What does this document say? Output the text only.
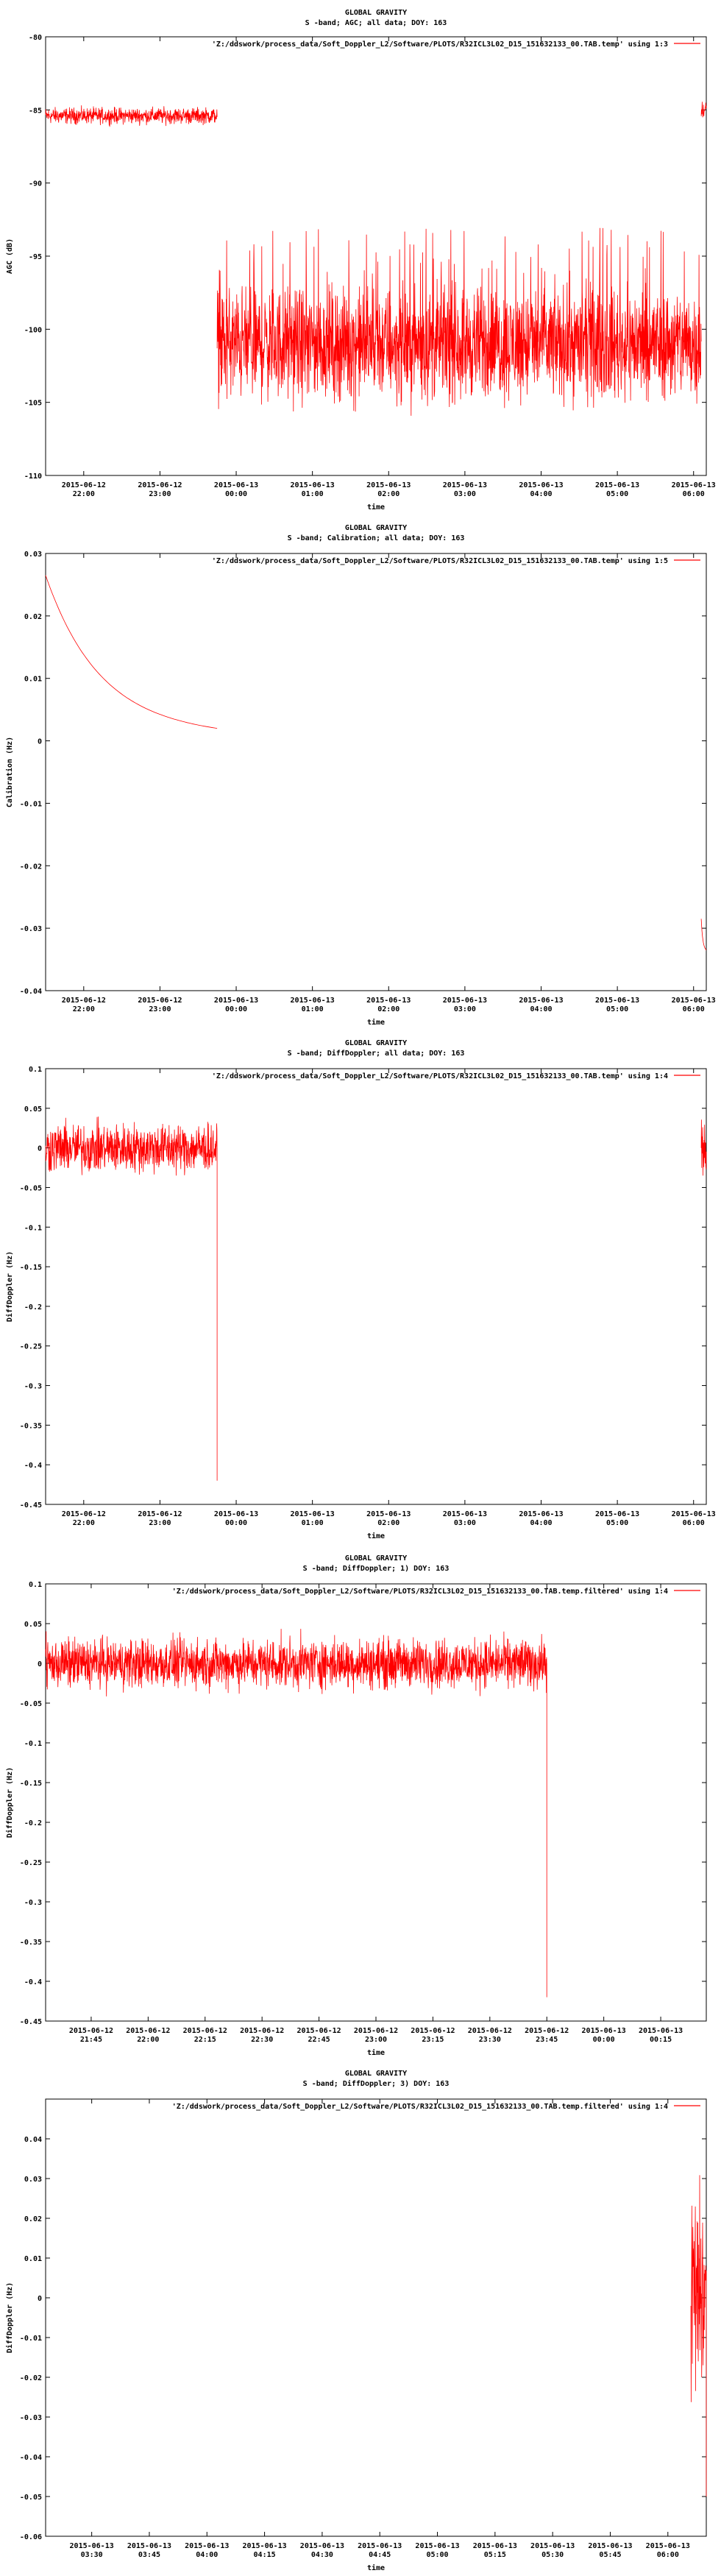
GLOBAL GRAVITY
S -band; AGC; all data; DOY: 163
-80
-85
-90
-95
-100
-105
-110
2015-06-12
22:00
2015-06-12
23:00
2015-06-13
00:00
2015-06-13
01:00
2015-06-13
02:00
2015-06-13
03:00
2015-06-13
04:00
2015-06-13
05:00
2015-06-13
06:00
time
AGC (dB)
'Z:/ddswork/process_data/Soft_Doppler_L2/Software/PLOTS/R32ICL3L02_D15_151632133_00.TAB.temp' using 1:3
GLOBAL GRAVITY
S -band; Calibration; all data; DOY: 163
0.03
0.02
0.01
0
-0.01
-0.02
-0.03
-0.04
2015-06-12
22:00
2015-06-12
23:00
2015-06-13
00:00
2015-06-13
01:00
2015-06-13
02:00
2015-06-13
03:00
2015-06-13
04:00
2015-06-13
05:00
2015-06-13
06:00
time
Calibration (Hz)
'Z:/ddswork/process_data/Soft_Doppler_L2/Software/PLOTS/R32ICL3L02_D15_151632133_00.TAB.temp' using 1:5
GLOBAL GRAVITY
S -band; DiffDoppler; all data; DOY: 163
0.1
0.05
0
-0.05
-0.1
-0.15
-0.2
-0.25
-0.3
-0.35
-0.4
-0.45
2015-06-12
22:00
2015-06-12
23:00
2015-06-13
00:00
2015-06-13
01:00
2015-06-13
02:00
2015-06-13
03:00
2015-06-13
04:00
2015-06-13
05:00
2015-06-13
06:00
time
DiffDoppler (Hz)
'Z:/ddswork/process_data/Soft_Doppler_L2/Software/PLOTS/R32ICL3L02_D15_151632133_00.TAB.temp' using 1:4
GLOBAL GRAVITY
S -band; DiffDoppler; 1) DOY: 163
0.1
0.05
0
-0.05
-0.1
-0.15
-0.2
-0.25
-0.3
-0.35
-0.4
-0.45
2015-06-12
21:45
2015-06-12
22:00
2015-06-12
22:15
2015-06-12
22:30
2015-06-12
22:45
2015-06-12
23:00
2015-06-12
23:15
2015-06-12
23:30
2015-06-12
23:45
2015-06-13
00:00
2015-06-13
00:15
time
DiffDoppler (Hz)
'Z:/ddswork/process_data/Soft_Doppler_L2/Software/PLOTS/R32ICL3L02_D15_151632133_00.TAB.temp.filtered' using 1:4
GLOBAL GRAVITY
S -band; DiffDoppler; 3) DOY: 163
0.04
0.03
0.02
0.01
0
-0.01
-0.02
-0.03
-0.04
-0.05
-0.06
2015-06-13
03:30
2015-06-13
03:45
2015-06-13
04:00
2015-06-13
04:15
2015-06-13
04:30
2015-06-13
04:45
2015-06-13
05:00
2015-06-13
05:15
2015-06-13
05:30
2015-06-13
05:45
2015-06-13
06:00
time
DiffDoppler (Hz)
'Z:/ddswork/process_data/Soft_Doppler_L2/Software/PLOTS/R32ICL3L02_D15_151632133_00.TAB.temp.filtered' using 1:4
